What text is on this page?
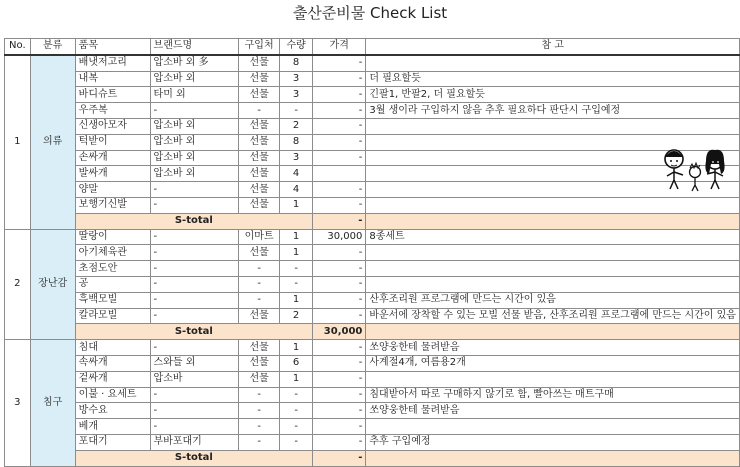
출산준비물 Check List
No.	분류	품목	브랜드명	구입처	수량	가격	참 고
1	의류	배냇저고리	압소바 외 多	선물	8	-	
		내복	압소바 외	선물	3	-	더 필요할듯
		바디슈트	타미 외	선물	3	-	긴팔1, 반팔2, 더 필요할듯
		우주복	-	-	-	-	3월 생이라 구입하지 않음 추후 필요하다 판단시 구입예정
		신생아모자	압소바 외	선물	2	-	
		턱받이	압소바 외	선물	8	-	
		손싸개	압소바 외	선물	3	-	
		발싸개	압소바 외	선물	4		
		양말	-	선물	4	-	
		보행기신발	-	선물	1	-	
		S-total				-	
2	장난감	딸랑이	-	이마트	1	30,000	8종세트
		아기체육관	-	선물	1	-	
		초점도안	-	-	-	-	
		공	-	-	-	-	
		흑백모빌	-	-	1	-	산후조리원 프로그램에 만드는 시간이 있음
		칼라모빌	-	선물	2	-	바운서에 장착할 수 있는 모빌 선물 받음, 산후조리원 프로그램에 만드는 시간이 있음
		S-total				30,000	
3	침구	침대	-	선물	1	-	쏘양웅한테 물려받음
		속싸개	스와들 외	선물	6	-	사계절4개, 여름용2개
		겉싸개	압소바	선물	1	-	
		이불 · 요세트	-	-	-	-	침대받아서 따로 구매하지 않기로 함, 빨아쓰는 매트구매
		방수요	-	-	-	-	쏘양웅한테 물려받음
		베개	-	-	-	-	
		포대기	부바포대기	-	-	-	추후 구입예정
		S-total				-	
